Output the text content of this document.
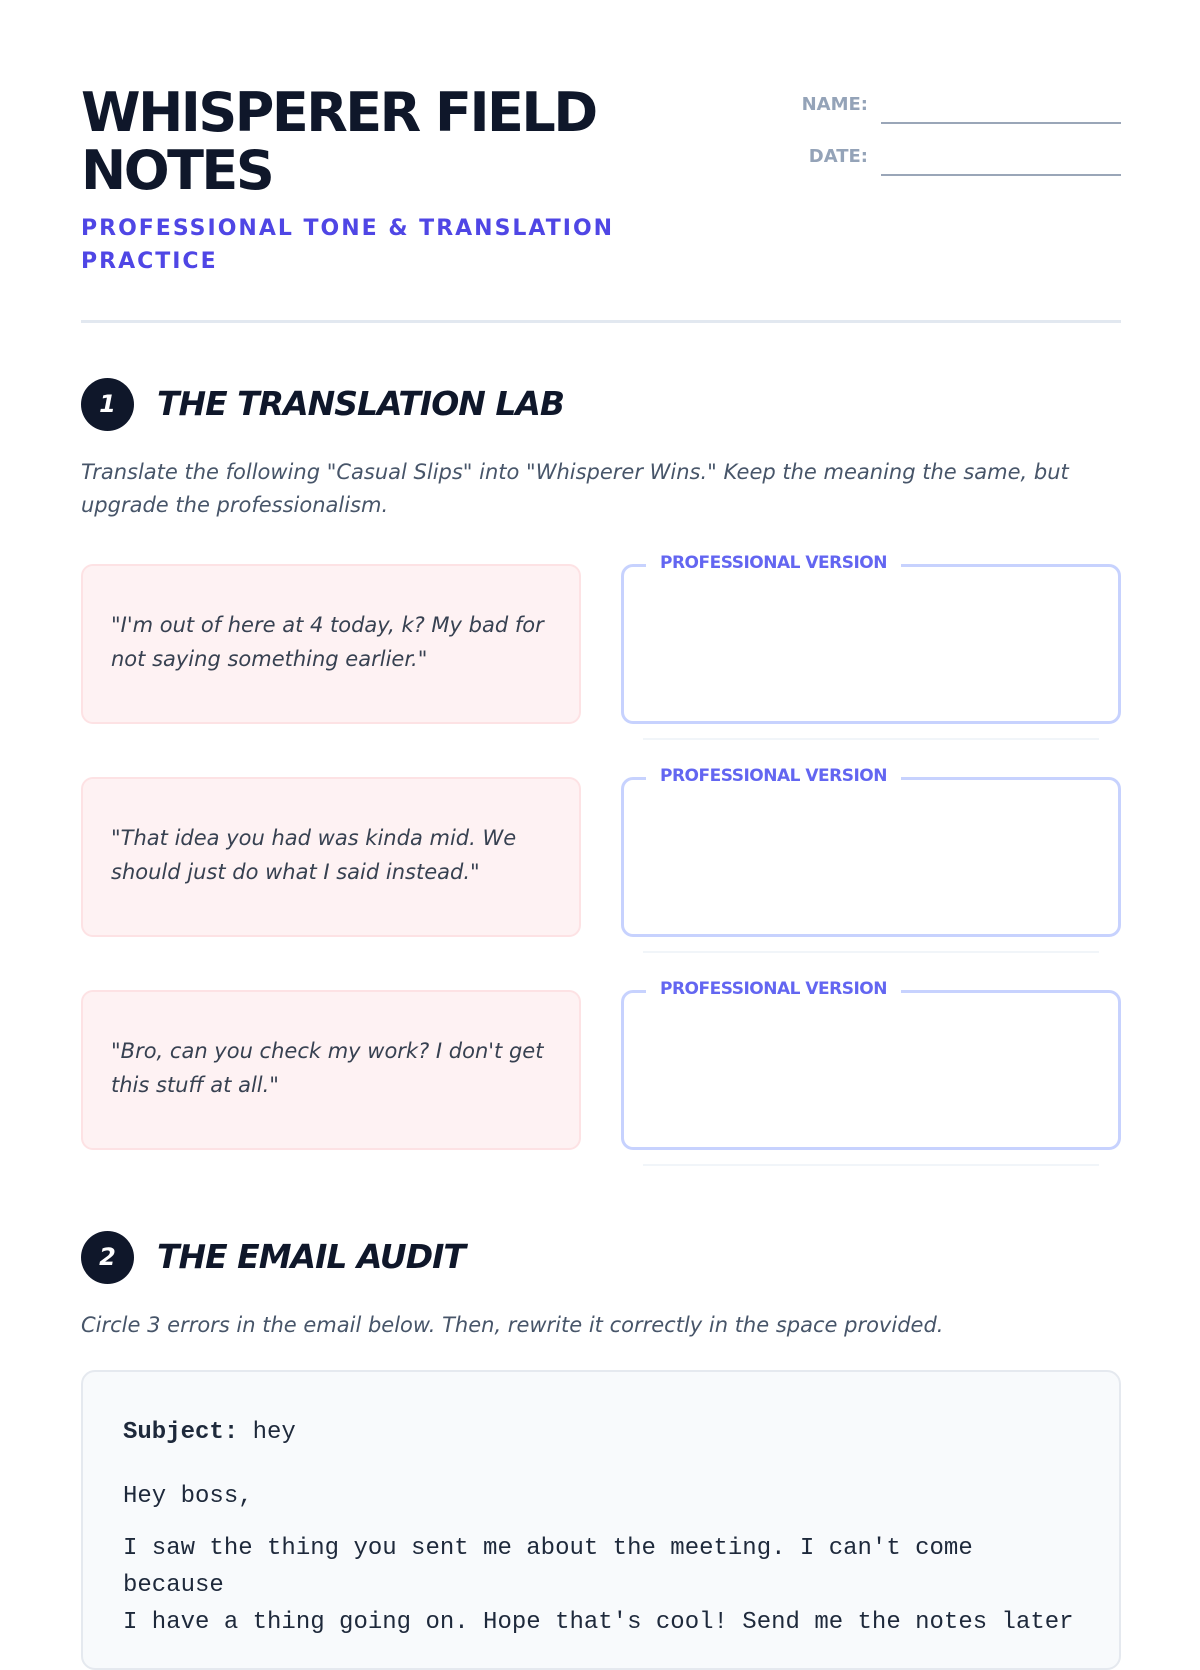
WHISPERER FIELD NOTES
PROFESSIONAL TONE & TRANSLATION PRACTICE
NAME:
DATE:
1	THE TRANSLATION LAB
Translate the following "Casual Slips" into "Whisperer Wins." Keep the meaning the same, but upgrade the professionalism.
"I'm out of here at 4 today, k? My bad for not saying something earlier."
PROFESSIONAL VERSION
"That idea you had was kinda mid. We should just do what I said instead."
PROFESSIONAL VERSION
"Bro, can you check my work? I don't get this stuff at all."
PROFESSIONAL VERSION
2	THE EMAIL AUDIT
Circle 3 errors in the email below. Then, rewrite it correctly in the space provided.
Subject: hey
Hey boss,
I saw the thing you sent me about the meeting. I can't come because
I have a thing going on. Hope that's cool! Send me the notes later
